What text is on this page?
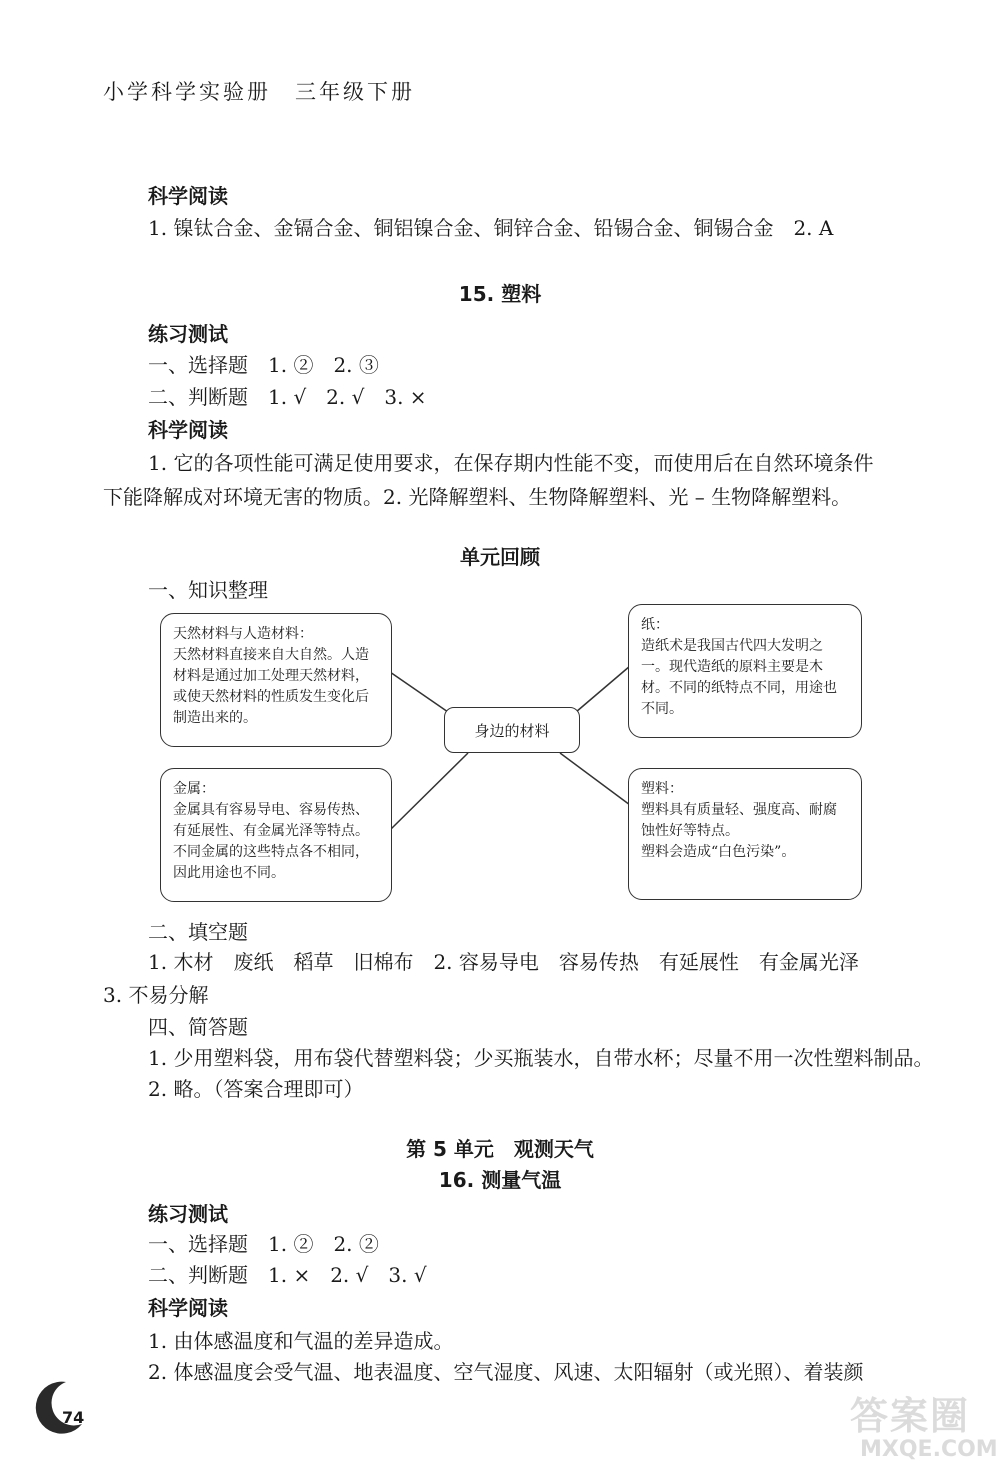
小学科学实验册　三年级下册
科学阅读
1. 镍钛合金、金镉合金、铜铝镍合金、铜锌合金、铅锡合金、铜锡合金　2. A
15. 塑料
练习测试
一、选择题　1. ②　2. ③
二、判断题　1. √　2. √　3. ×
科学阅读
1. 它的各项性能可满足使用要求，在保存期内性能不变，而使用后在自然环境条件
下能降解成对环境无害的物质。2. 光降解塑料、生物降解塑料、光 – 生物降解塑料。
单元回顾
一、知识整理
天然材料与人造材料：
天然材料直接来自大自然。人造材料是通过加工处理天然材料，或使天然材料的性质发生变化后制造出来的。
纸：
造纸术是我国古代四大发明之一。现代造纸的原料主要是木材。不同的纸特点不同，用途也不同。
身边的材料
金属：
金属具有容易导电、容易传热、有延展性、有金属光泽等特点。不同金属的这些特点各不相同，因此用途也不同。
塑料：
塑料具有质量轻、强度高、耐腐蚀性好等特点。
塑料会造成“白色污染”。
二、填空题
1. 木材　废纸　稻草　旧棉布　2. 容易导电　容易传热　有延展性　有金属光泽
3. 不易分解
四、简答题
1. 少用塑料袋，用布袋代替塑料袋；少买瓶装水，自带水杯；尽量不用一次性塑料制品。
2. 略。（答案合理即可）
第 5 单元　观测天气
16. 测量气温
练习测试
一、选择题　1. ②　2. ②
二、判断题　1. ×　2. √　3. √
科学阅读
1. 由体感温度和气温的差异造成。
2. 体感温度会受气温、地表温度、空气湿度、风速、太阳辐射（或光照）、着装颜
74	答案圈
MXQE.COM
